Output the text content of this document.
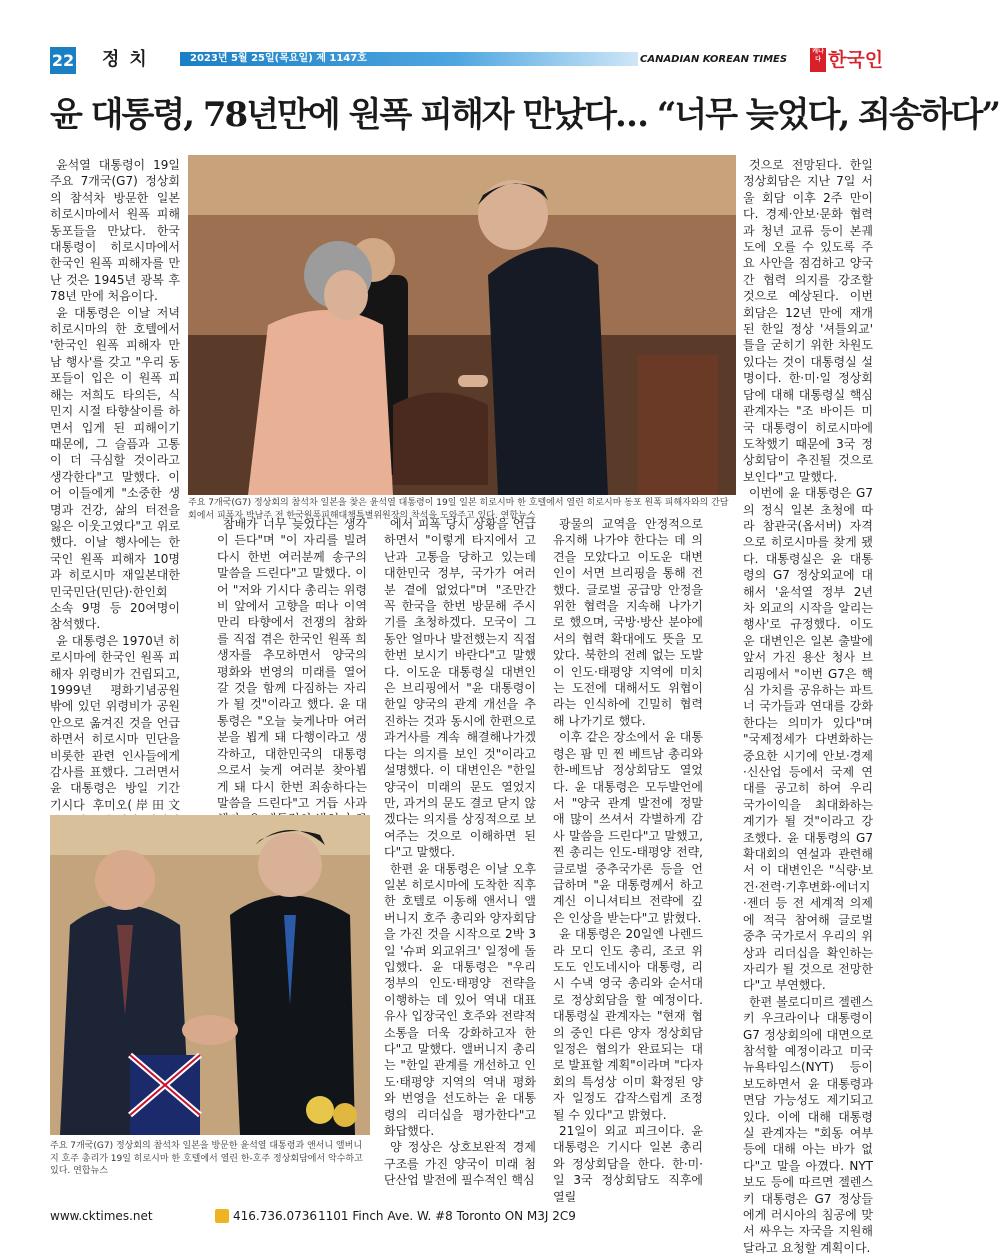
22 정치	2023년 5월 25일(목요일) 제 1147호	CANADIAN KOREAN TIMES
캐나다 한국인
윤 대통령, 78년만에 원폭 피해자 만났다… “너무 늦었다, 죄송하다”
주요 7개국(G7) 정상회의 참석차 일본을 찾은 윤석열 대통령이 19일 일본 히로시마 한 호텔에서 열린 히로시마 동포 원폭 피해자와의 간담회에서 피폭자 박남주 전 한국원폭피해대책특별위원장의 착석을 도와주고 있다. 연합뉴스

윤석열 대통령이 19일 주요 7개국(G7) 정상회의 참석차 방문한 일본 히로시마에서 원폭 피해 동포들을 만났다. 한국 대통령이 히로시마에서 한국인 원폭 피해자를 만난 것은 1945년 광복 후 78년 만에 처음이다.

윤 대통령은 이날 저녁 히로시마의 한 호텔에서 '한국인 원폭 피해자 만남 행사'를 갖고 "우리 동포들이 입은 이 원폭 피해는 저희도 타의든, 식민지 시절 타향살이를 하면서 입게 된 피해이기 때문에, 그 슬픔과 고통이 더 극심할 것이라고 생각한다"고 말했다. 이어 이들에게 "소중한 생명과 건강, 삶의 터전을 잃은 이웃고였다"고 위로했다. 이날 행사에는 한국인 원폭 피해자 10명과 히로시마 재일본대한민국민단(민단)·한인회 소속 9명 등 20여명이 참석했다.

윤 대통령은 1970년 히로시마에 한국인 원폭 피해자 위령비가 건립되고, 1999년 평화기념공원 밖에 있던 위령비가 공원 안으로 옮겨진 것을 언급하면서 히로시마 민단을 비롯한 관련 인사들에게 감사를 표했다. 그러면서 윤 대통령은 방일 기간 기시다 후미오(岸田文

참배가 너무 늦었다는 생각이 든다"며 "이 자리를 빌려 다시 한번 여러분께 송구의 말씀을 드린다"고 말했다. 이어 "저와 기시다 총리는 위령비 앞에서 고향을 떠나 이역만리 타향에서 전쟁의 참화를 직접 겪은 한국인 원폭 희생자를 추모하면서 양국의 평화와 번영의 미래를 열어갈 것을 함께 다짐하는 자리가 될 것"이라고 했다. 윤 대통령은 "오늘 늦게나마 여러분을 뵙게 돼 다행이라고 생각하고, 대한민국의 대통령으로서 늦게 여러분 찾아뵙게 돼 다시 한번 죄송하다는 말씀을 드린다"고 거듭 사과

주요 7개국(G7) 정상회의 참석차 일본을 방문한 윤석열 대통령과 앤서니 앨버니지 호주 총리가 19일 히로시마 한 호텔에서 열린 한-호주 정상회담에서 악수하고 있다. 연합뉴스

에서 피폭 당시 상황을 언급하면서 "이렇게 타지에서 고난과 고통을 당하고 있는데 대한민국 정부, 국가가 여러분 곁에 없었다"며 "조만간 꼭 한국을 한번 방문해 주시기를 초청하겠다. 모국이 그동안 얼마나 발전했는지 직접 한번 보시기 바란다"고 말했다. 이도운 대통령실 대변인은 브리핑에서 "윤 대통령이 한일 양국의 관계 개선을 추진하는 것과 동시에 한편으로 과거사를 계속 해결해나가겠다는 의지를 보인 것"이라고 설명했다. 이 대변인은 "한일 양국이 미래의 문도 열었지만, 과거의 문도 결코 닫지 않겠다는 의지를 상징적으로 보여주는 것으로 이해하면 된다"고 말했다.

한편 윤 대통령은 이날 오후 일본 히로시마에 도착한 직후 한 호텔로 이동해 앤서니 앨버니지 호주 총리와 양자회담을 가진 것을 시작으로 2박 3일 '슈퍼 외교위크' 일정에 돌입했다. 윤 대통령은 "우리 정부의 인도·태평양 전략을 이행하는 데 있어 역내 대표 유사 입장국인 호주와 전략적 소통을 더욱 강화하고자 한다"고 말했다. 앨버니지 총리는 "한일 관계를 개선하고 인도·태평양 지역의 역내 평화와 번영을 선도하는 윤 대통령의 리더십을 평가한다"고 화답했다.

양 정상은 상호보완적 경제구조를 가진 양국이 미래 첨단산업 발전에 필수적인 핵심

광물의 교역을 안정적으로 유지해 나가야 한다는 데 의견을 모았다고 이도운 대변인이 서면 브리핑을 통해 전했다. 글로벌 공급망 안정을 위한 협력을 지속해 나가기로 했으며, 국방·방산 분야에서의 협력 확대에도 뜻을 모았다. 북한의 전례 없는 도발이 인도·태평양 지역에 미치는 도전에 대해서도 위협이라는 인식하에 긴밀히 협력해 나가기로 했다.

이후 같은 장소에서 윤 대통령은 팜 민 찐 베트남 총리와 한-베트남 정상회담도 열었다. 윤 대통령은 모두발언에서 "양국 관계 발전에 정말 애 많이 쓰셔서 각별하게 감사 말씀을 드린다"고 말했고, 찐 총리는 인도-태평양 전략, 글로벌 중추국가론 등을 언급하며 "윤 대통령께서 하고 계신 이니셔티브 전략에 깊은 인상을 받는다"고 밝혔다.

윤 대통령은 20일엔 나렌드라 모디 인도 총리, 조코 위도도 인도네시아 대통령, 리시 수낵 영국 총리와 순서대로 정상회담을 할 예정이다. 대통령실 관계자는 "현재 협의 중인 다른 양자 정상회담 일정은 협의가 완료되는 대로 발표할 계획"이라며 "다자회의 특성상 이미 확정된 양자 일정도 갑작스럽게 조정될 수 있다"고 밝혔다.

21일이 외교 피크이다. 윤 대통령은 기시다 일본 총리와 정상회담을 한다. 한·미·일 3국 정상회담도 직후에 열릴

것으로 전망된다. 한일 정상회담은 지난 7일 서울 회담 이후 2주 만이다. 경제·안보·문화 협력과 청년 교류 등이 본궤도에 오를 수 있도록 주요 사안을 점검하고 양국간 협력 의지를 강조할 것으로 예상된다. 이번 회담은 12년 만에 재개된 한일 정상 '셔틀외교' 틀을 굳히기 위한 차원도 있다는 것이 대통령실 설명이다. 한·미·일 정상회담에 대해 대통령실 핵심 관계자는 "조 바이든 미국 대통령이 히로시마에 도착했기 때문에 3국 정상회담이 추진될 것으로 보인다"고 말했다.

이번에 윤 대통령은 G7의 정식 일본 초청에 따라 참관국(옵서버) 자격으로 히로시마를 찾게 됐다. 대통령실은 윤 대통령의 G7 정상외교에 대해서 '윤석열 정부 2년 차 외교의 시작을 알리는 행사'로 규정했다. 이도운 대변인은 일본 출발에 앞서 가진 용산 청사 브리핑에서 "이번 G7은 핵심 가치를 공유하는 파트너 국가들과 연대를 강화한다는 의미가 있다"며 "국제정세가 다변화하는 중요한 시기에 안보·경제·신산업 등에서 국제 연대를 공고히 하여 우리 국가이익을 최대화하는 계기가 될 것"이라고 강조했다. 윤 대통령의 G7 확대회의 연설과 관련해서 이 대변인은 "식량·보건·전력·기후변화·에너지·젠더 등 전 세계적 의제에 적극 참여해 글로벌 중추 국가로서 우리의 위상과 리더십을 확인하는 자리가 될 것으로 전망한다"고 부연했다.

한편 볼로디미르 젤렌스키 우크라이나 대통령이 G7 정상회의에 대면으로 참석할 예정이라고 미국 뉴욕타임스(NYT) 등이 보도하면서 윤 대통령과 면담 가능성도 제기되고 있다. 이에 대해 대통령실 관계자는 "회동 여부 등에 대해 아는 바가 없다"고 말을 아꼈다. NYT 보도 등에 따르면 젤렌스키 대통령은 G7 정상들에게 러시아의 침공에 맞서 싸우는 자국을 지원해달라고 요청할 계획이다.

www.cktimes.net	416.736.0736 1101 Finch Ave. W. #8 Toronto ON M3J 2C9
